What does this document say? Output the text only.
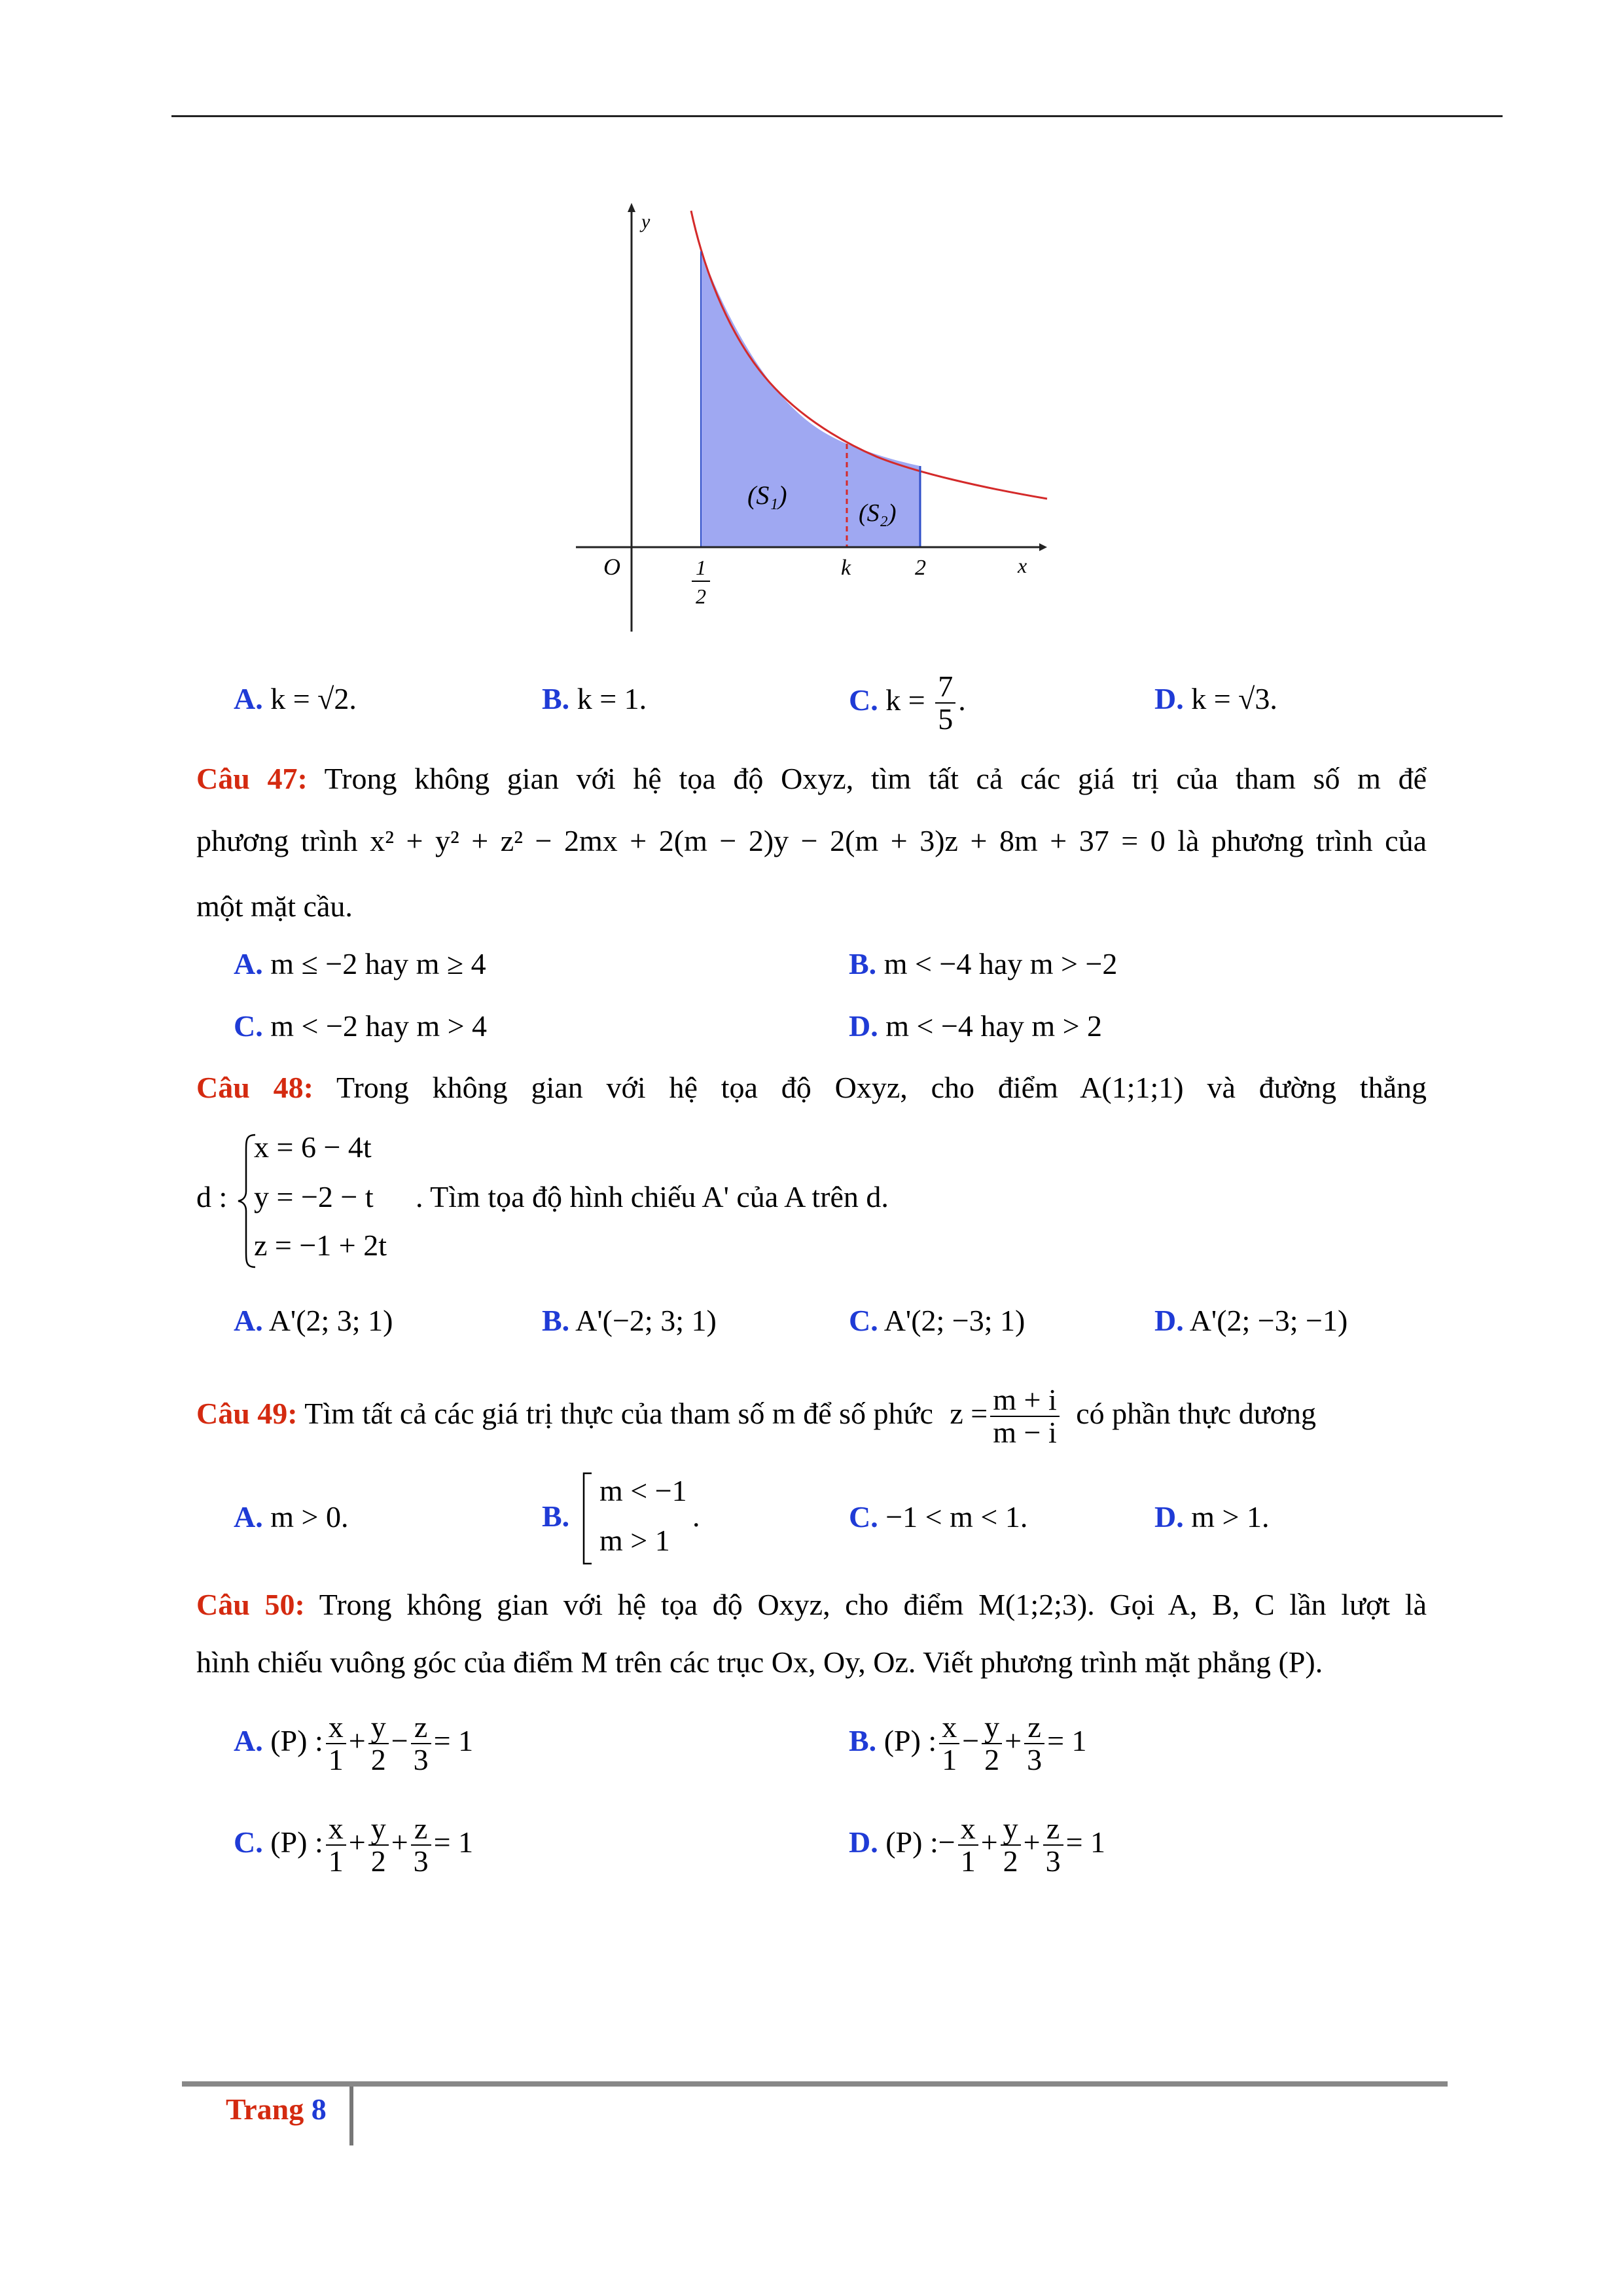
y
x
O	1
2
k	2
(S₁)
(S₂)
A. k = √2.	B. k = 1.	C. $k = \frac{7}{5}$ .	D. k = √3.
Câu 47: Trong không gian với hệ tọa độ Oxyz, tìm tất cả các giá trị của tham số m để
phương trình x² + y² + z² − 2mx + 2(m − 2)y − 2(m + 3)z + 8m + 37 = 0 là phương trình của
một mặt cầu.
A. m ≤ −2 hay m ≥ 4	B. m < −4 hay m > −2
C. m < −2 hay m > 4	D. m < −4 hay m > 2
Câu 48: Trong không gian với hệ tọa độ Oxyz, cho điểm A(1;1;1) và đường thẳng
d :
x = 6 − 4t
y = −2 − t
z = −1 + 2t
. Tìm tọa độ hình chiếu A' của A trên d.
A. A'(2; 3; 1)	B. A'(−2; 3; 1)	C. A'(2; −3; 1)	D. A'(2; −3; −1)
Câu 49: Tìm tất cả các giá trị thực của tham số m để số phức $z = \frac{m + i}{m - i}$ có phần thực dương
A. m > 0.	B.
m < −1
m > 1
.	C. −1 < m < 1.	D. m > 1.
Câu 50: Trong không gian với hệ tọa độ Oxyz, cho điểm M(1;2;3). Gọi A, B, C lần lượt là
hình chiếu vuông góc của điểm M trên các trục Ox, Oy, Oz. Viết phương trình mặt phẳng (P).
A. (P) : $\frac{x}{1} + \frac{y}{2} - \frac{z}{3} = 1$	B. (P) : $\frac{x}{1} - \frac{y}{2} + \frac{z}{3} = 1$
C. (P) : $\frac{x}{1} + \frac{y}{2} + \frac{z}{3} = 1$	D. (P) :− $\frac{x}{1} + \frac{y}{2} + \frac{z}{3} = 1$
Trang 8
